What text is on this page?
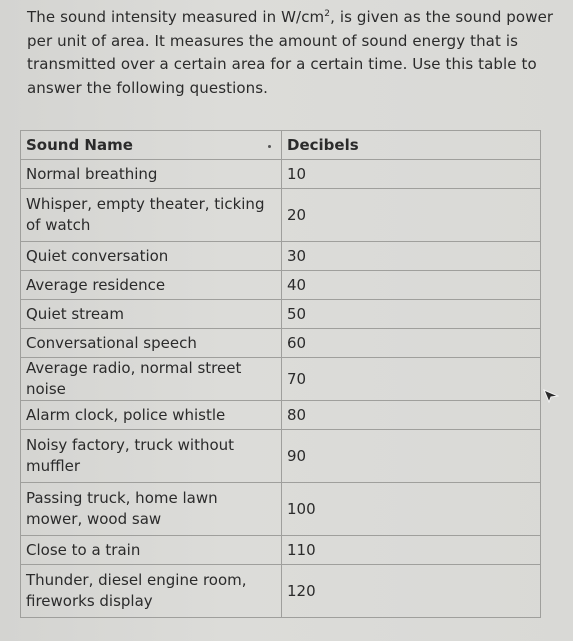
The sound intensity measured in $W/cm^2$, is given as the sound power per unit of area. It measures the amount of sound energy that is transmitted over a certain area for a certain time. Use this table to answer the following questions.
Sound Name	Decibels
Normal breathing	10
Whisper, empty theater, ticking of watch	20
Quiet conversation	30
Average residence	40
Quiet stream	50
Conversational speech	60
Average radio, normal street noise	70
Alarm clock, police whistle	80
Noisy factory, truck without muffler	90
Passing truck, home lawn mower, wood saw	100
Close to a train	110
Thunder, diesel engine room, fireworks display	120
